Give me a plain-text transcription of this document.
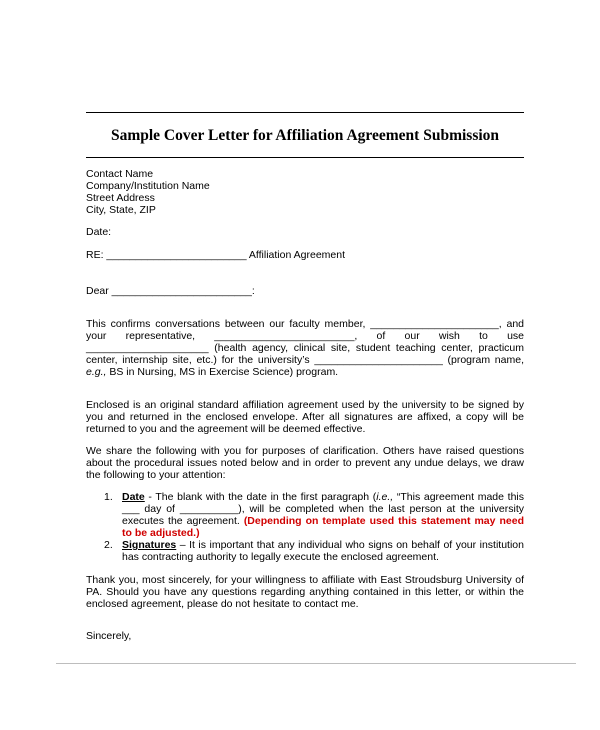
Sample Cover Letter for Affiliation Agreement Submission
Contact Name
Company/Institution Name
Street Address
City, State, ZIP
Date:
RE: ________________________ Affiliation Agreement
Dear ________________________:
This confirms conversations between our faculty member, ______________________, and your representative, ________________________, of our wish to use _____________________ (health agency, clinical site, student teaching center, practicum center, internship site, etc.) for the university’s ______________________ (program name, e.g., BS in Nursing, MS in Exercise Science) program.
Enclosed is an original standard affiliation agreement used by the university to be signed by you and returned in the enclosed envelope. After all signatures are affixed, a copy will be returned to you and the agreement will be deemed effective.
We share the following with you for purposes of clarification. Others have raised questions about the procedural issues noted below and in order to prevent any undue delays, we draw the following to your attention:
1. Date - The blank with the date in the first paragraph (i.e., “This agreement made this ___ day of __________), will be completed when the last person at the university executes the agreement. (Depending on template used this statement may need to be adjusted.)
2. Signatures – It is important that any individual who signs on behalf of your institution has contracting authority to legally execute the enclosed agreement.
Thank you, most sincerely, for your willingness to affiliate with East Stroudsburg University of PA. Should you have any questions regarding anything contained in this letter, or within the enclosed agreement, please do not hesitate to contact me.
Sincerely,
